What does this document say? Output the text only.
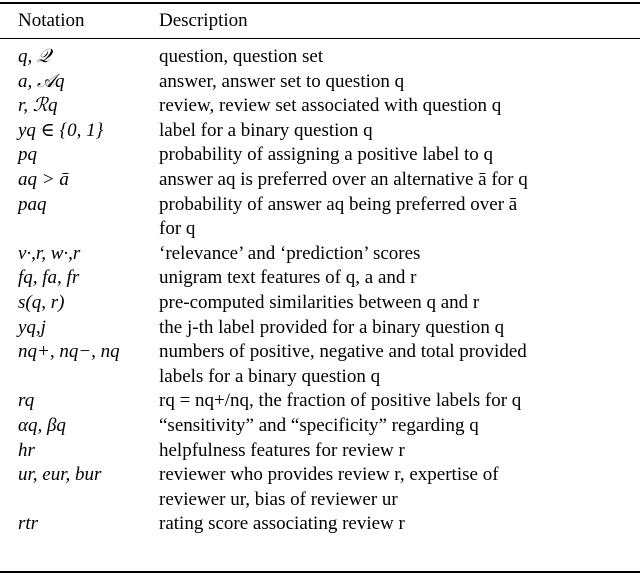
Notation	Description
q, 𝒬	question, question set
a, 𝒜q	answer, answer set to question q
r, ℛq	review, review set associated with question q
yq ∈ {0, 1}	label for a binary question q
pq	probability of assigning a positive label to q
aq > ā	answer aq is preferred over an alternative ā for q
paq	probability of answer aq being preferred over ā
for q
v·,r, w·,r	‘relevance’ and ‘prediction’ scores
fq, fa, fr	unigram text features of q, a and r
s(q, r)	pre-computed similarities between q and r
yq,j	the j-th label provided for a binary question q
nq+, nq−, nq	numbers of positive, negative and total provided
labels for a binary question q
rq	rq = nq+/nq, the fraction of positive labels for q
αq, βq	“sensitivity” and “specificity” regarding q
hr	helpfulness features for review r
ur, eur, bur	reviewer who provides review r, expertise of
reviewer ur, bias of reviewer ur
rtr	rating score associating review r
